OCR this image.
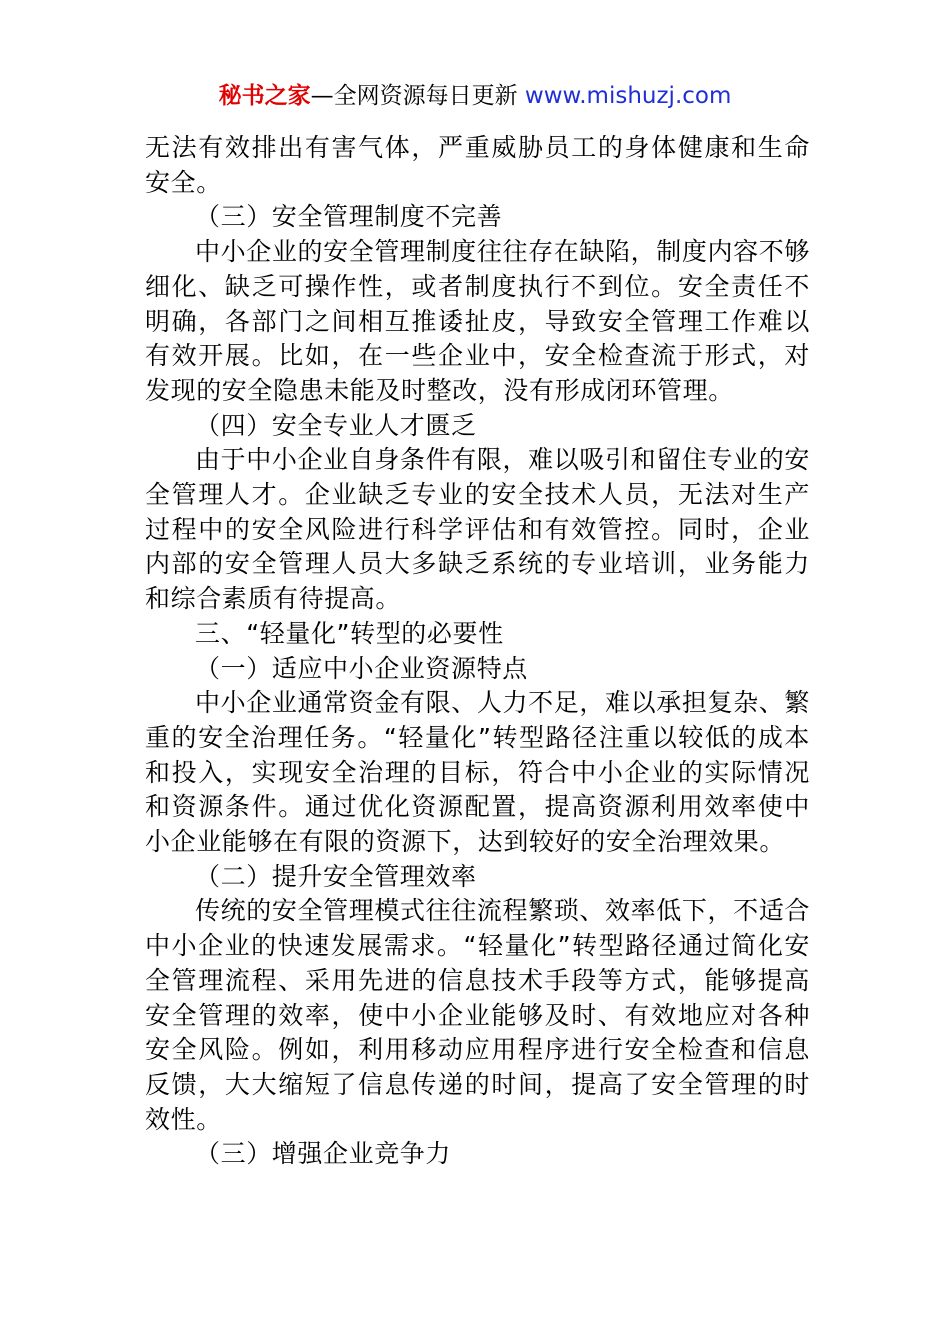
秘书之家—全网资源每日更新 www.mishuzj.com

无法有效排出有害气体，严重威胁员工的身体健康和生命安全。

（三）安全管理制度不完善

中小企业的安全管理制度往往存在缺陷，制度内容不够细化、缺乏可操作性，或者制度执行不到位。安全责任不明确，各部门之间相互推诿扯皮，导致安全管理工作难以有效开展。比如，在一些企业中，安全检查流于形式，对发现的安全隐患未能及时整改，没有形成闭环管理。

（四）安全专业人才匮乏

由于中小企业自身条件有限，难以吸引和留住专业的安全管理人才。企业缺乏专业的安全技术人员，无法对生产过程中的安全风险进行科学评估和有效管控。同时，企业内部的安全管理人员大多缺乏系统的专业培训，业务能力和综合素质有待提高。

三、“轻量化”转型的必要性

（一）适应中小企业资源特点

中小企业通常资金有限、人力不足，难以承担复杂、繁重的安全治理任务。“轻量化”转型路径注重以较低的成本和投入，实现安全治理的目标，符合中小企业的实际情况和资源条件。通过优化资源配置，提高资源利用效率使中小企业能够在有限的资源下，达到较好的安全治理效果。

（二）提升安全管理效率

传统的安全管理模式往往流程繁琐、效率低下，不适合中小企业的快速发展需求。“轻量化”转型路径通过简化安全管理流程、采用先进的信息技术手段等方式，能够提高安全管理的效率，使中小企业能够及时、有效地应对各种安全风险。例如，利用移动应用程序进行安全检查和信息反馈，大大缩短了信息传递的时间，提高了安全管理的时效性。

（三）增强企业竞争力
